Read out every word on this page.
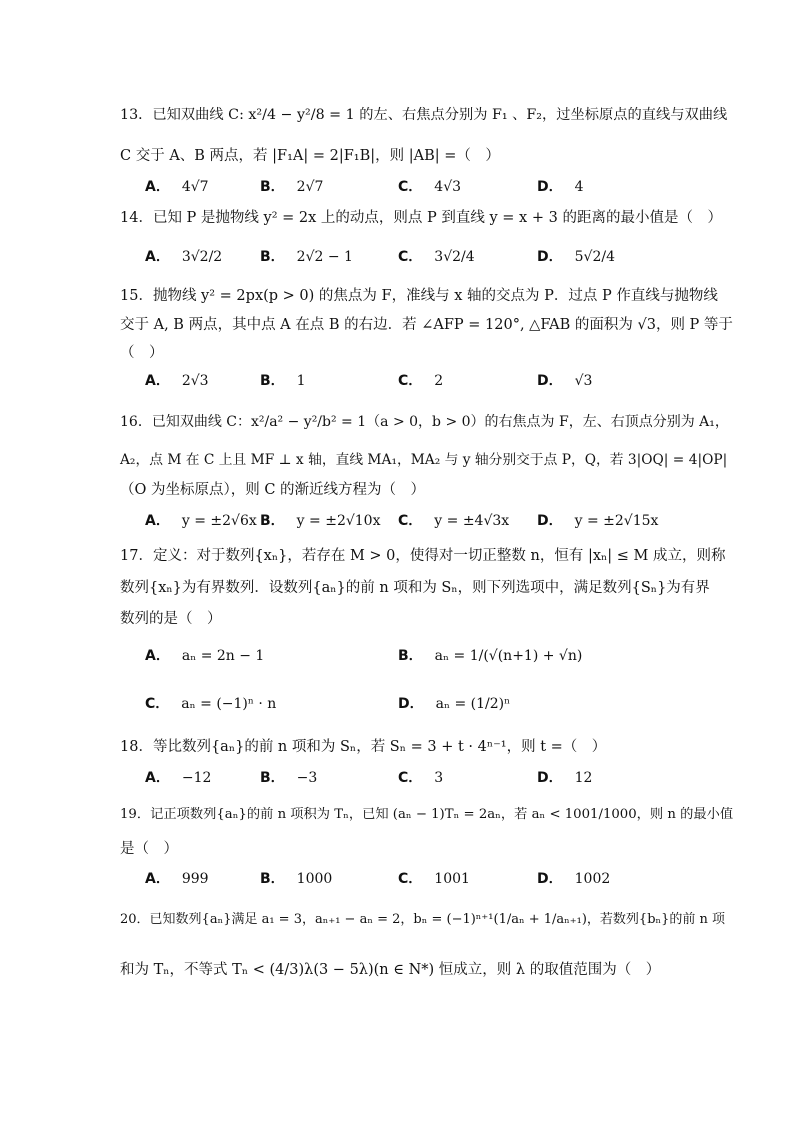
13．已知双曲线 C: x²/4 − y²/8 = 1 的左、右焦点分别为 F₁ 、F₂，过坐标原点的直线与双曲线
C 交于 A、B 两点，若 |F₁A| = 2|F₁B|，则 |AB| =（　）
A． 4√7	B． 2√7	C． 4√3	D． 4
14．已知 P 是抛物线 y² = 2x 上的动点，则点 P 到直线 y = x + 3 的距离的最小值是（　）
A． 3√2/2	B． 2√2 − 1	C． 3√2/4	D． 5√2/4
15．抛物线 y² = 2px(p > 0) 的焦点为 F，准线与 x 轴的交点为 P．过点 P 作直线与抛物线
交于 A, B 两点，其中点 A 在点 B 的右边．若 ∠AFP = 120°, △FAB 的面积为 √3，则 P 等于
（　）
A． 2√3	B． 1	C． 2	D． √3
16．已知双曲线 C：x²/a² − y²/b² = 1（a > 0，b > 0）的右焦点为 F，左、右顶点分别为 A₁，
A₂，点 M 在 C 上且 MF ⊥ x 轴，直线 MA₁，MA₂ 与 y 轴分别交于点 P，Q，若 3|OQ| = 4|OP|
（O 为坐标原点），则 C 的渐近线方程为（　）
A． y = ±2√6x B． y = ±2√10x C． y = ±4√3x D． y = ±2√15x
17．定义：对于数列{xₙ}，若存在 M > 0，使得对一切正整数 n，恒有 |xₙ| ≤ M 成立，则称
数列{xₙ}为有界数列．设数列{aₙ}的前 n 项和为 Sₙ，则下列选项中，满足数列{Sₙ}为有界
数列的是（　）
A． aₙ = 2n − 1	B． aₙ = 1/(√(n+1) + √n)
C． aₙ = (−1)ⁿ · n	D． aₙ = (1/2)ⁿ
18．等比数列{aₙ}的前 n 项和为 Sₙ，若 Sₙ = 3 + t · 4ⁿ⁻¹，则 t =（　）
A． −12	B． −3	C． 3	D． 12
19．记正项数列{aₙ}的前 n 项积为 Tₙ，已知 (aₙ − 1)Tₙ = 2aₙ，若 aₙ < 1001/1000，则 n 的最小值
是（　）
A． 999	B． 1000	C． 1001	D． 1002
20．已知数列{aₙ}满足 a₁ = 3，aₙ₊₁ − aₙ = 2，bₙ = (−1)ⁿ⁺¹(1/aₙ + 1/aₙ₊₁)，若数列{bₙ}的前 n 项
和为 Tₙ，不等式 Tₙ < (4/3)λ(3 − 5λ)(n ∈ N*) 恒成立，则 λ 的取值范围为（　）
